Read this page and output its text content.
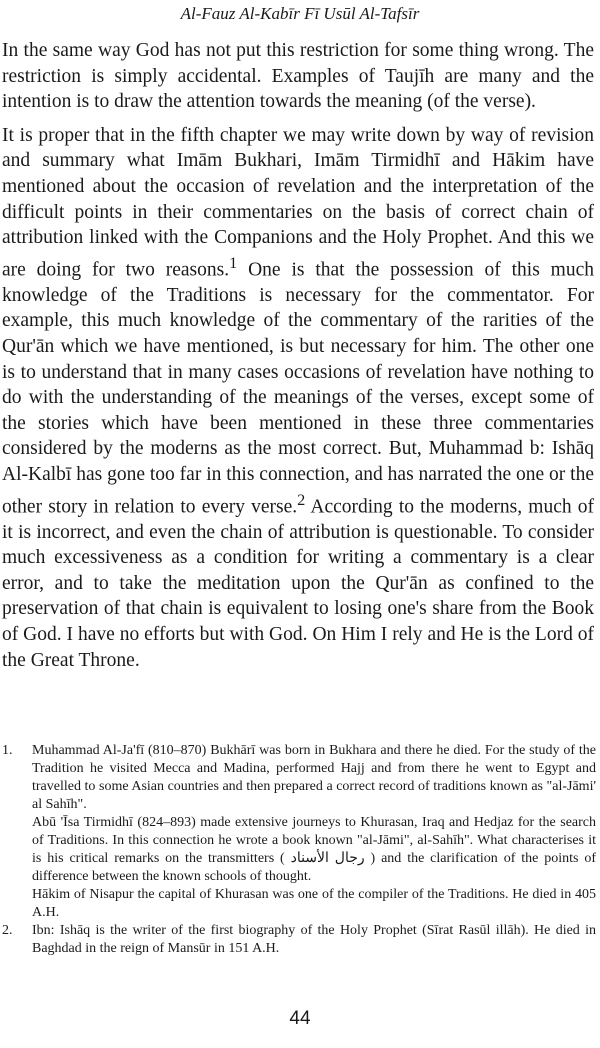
Al-Fauz Al-Kabīr Fī Usūl Al-Tafsīr

In the same way God has not put this restriction for some thing wrong. The restriction is simply accidental. Examples of Taujīh are many and the intention is to draw the attention towards the meaning (of the verse).

It is proper that in the fifth chapter we may write down by way of revision and summary what Imām Bukhari, Imām Tirmidhī and Hākim have mentioned about the occasion of revelation and the interpretation of the difficult points in their commentaries on the basis of correct chain of attribution linked with the Companions and the Holy Prophet. And this we are doing for two reasons.$^1$ One is that the possession of this much knowledge of the Traditions is necessary for the commentator. For example, this much knowledge of the commentary of the rarities of the Qur'ān which we have mentioned, is but necessary for him. The other one is to understand that in many cases occasions of revelation have nothing to do with the understanding of the meanings of the verses, except some of the stories which have been mentioned in these three commentaries considered by the moderns as the most correct. But, Muhammad b: Ishāq Al-Kalbī has gone too far in this connection, and has narrated the one or the other story in relation to every verse.$^2$ According to the moderns, much of it is incorrect, and even the chain of attribution is questionable. To consider much excessiveness as a condition for writing a commentary is a clear error, and to take the meditation upon the Qur'ān as confined to the preservation of that chain is equivalent to losing one's share from the Book of God. I have no efforts but with God. On Him I rely and He is the Lord of the Great Throne.

1. Muhammad Al-Ja'fī (810–870) Bukhārī was born in Bukhara and there he died. For the study of the Tradition he visited Mecca and Madina, performed Hajj and from there he went to Egypt and travelled to some Asian countries and then prepared a correct record of traditions known as "al-Jāmi' al Sahīh".

Abū 'Īsa Tirmidhī (824–893) made extensive journeys to Khurasan, Iraq and Hedjaz for the search of Traditions. In this connection he wrote a book known "al-Jāmi", al-Sahīh". What characterises it is his critical remarks on the transmitters ( رجال الأسناد ) and the clarification of the points of difference between the known schools of thought.

Hākim of Nisapur the capital of Khurasan was one of the compiler of the Traditions. He died in 405 A.H.

2. Ibn: Ishāq is the writer of the first biography of the Holy Prophet (Sīrat Rasūl illāh). He died in Baghdad in the reign of Mansūr in 151 A.H.

44
